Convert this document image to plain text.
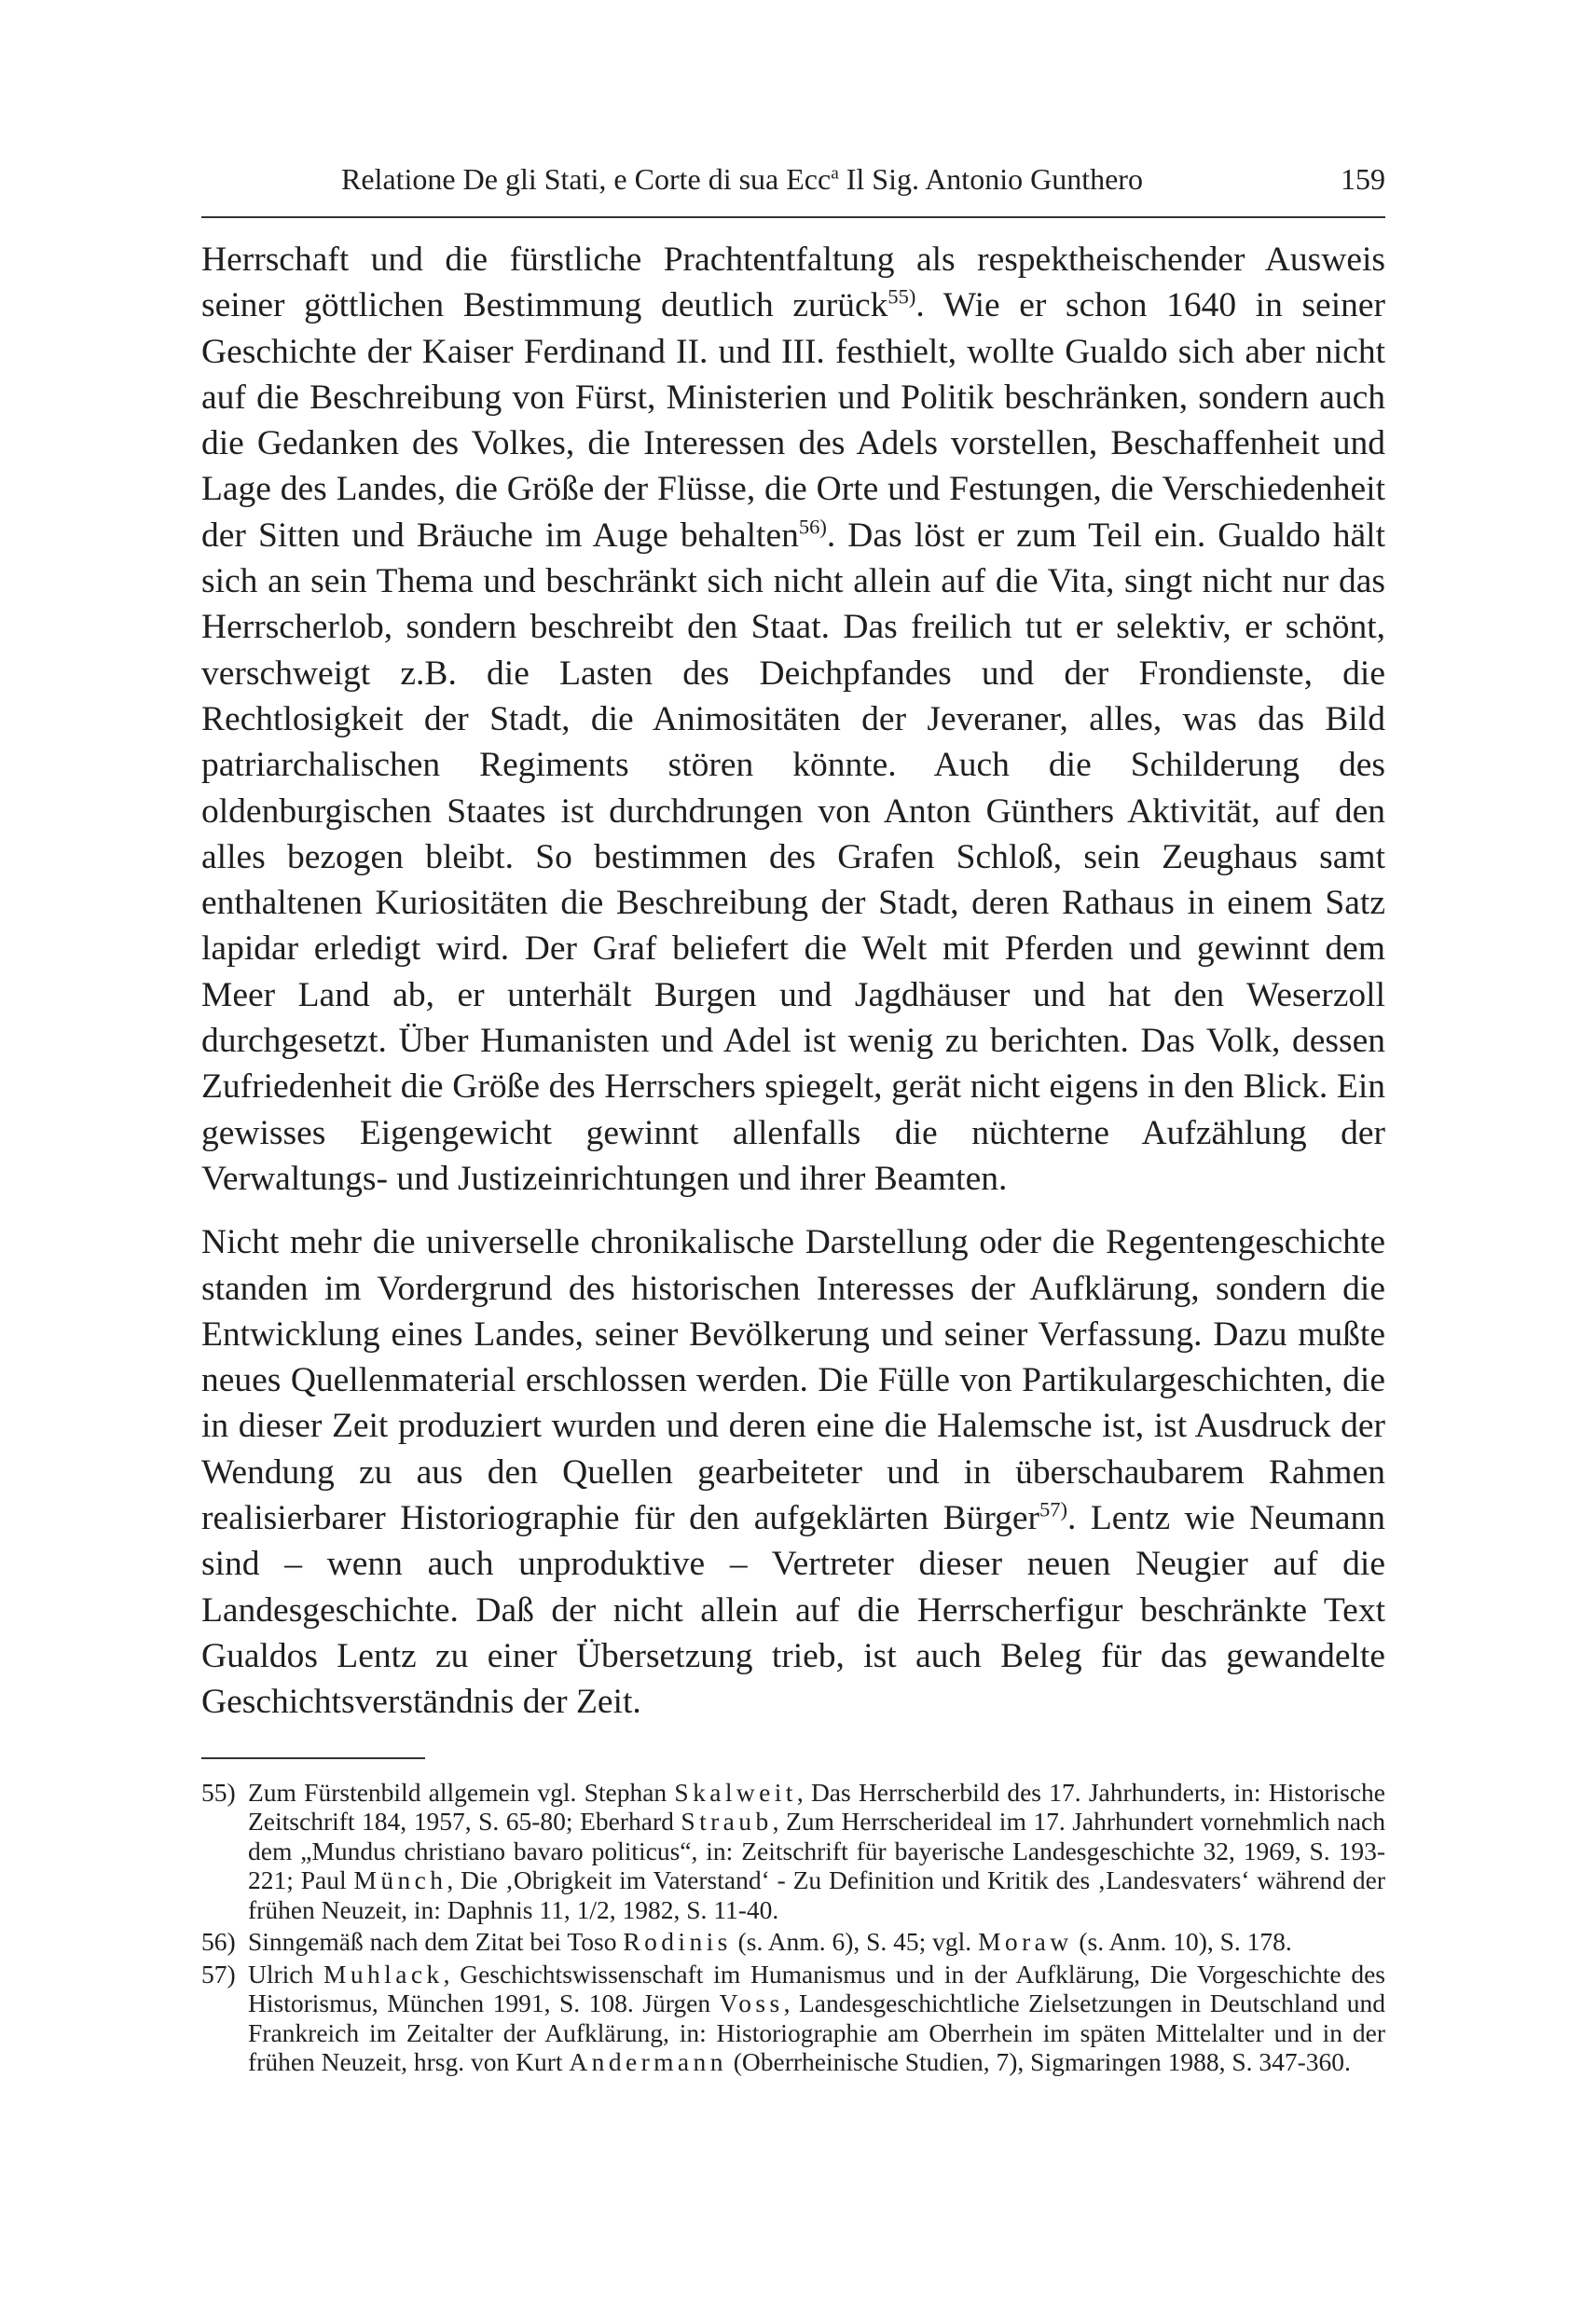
Relatione De gli Stati, e Corte di sua Ecc$^a$ Il Sig. Antonio Gunthero	159

Herrschaft und die fürstliche Prachtentfaltung als respektheischender Ausweis seiner göttlichen Bestimmung deutlich zurück$^{55)}$. Wie er schon 1640 in seiner Geschichte der Kaiser Ferdinand II. und III. festhielt, wollte Gualdo sich aber nicht auf die Beschreibung von Fürst, Ministerien und Politik beschränken, sondern auch die Gedanken des Volkes, die Interessen des Adels vorstellen, Beschaffenheit und Lage des Landes, die Größe der Flüsse, die Orte und Festungen, die Verschiedenheit der Sitten und Bräuche im Auge behalten$^{56)}$. Das löst er zum Teil ein. Gualdo hält sich an sein Thema und beschränkt sich nicht allein auf die Vita, singt nicht nur das Herrscherlob, sondern beschreibt den Staat. Das freilich tut er selektiv, er schönt, verschweigt z.B. die Lasten des Deichpfandes und der Frondienste, die Rechtlosigkeit der Stadt, die Animositäten der Jeveraner, alles, was das Bild patriarchalischen Regiments stören könnte. Auch die Schilderung des oldenburgischen Staates ist durchdrungen von Anton Günthers Aktivität, auf den alles bezogen bleibt. So bestimmen des Grafen Schloß, sein Zeughaus samt enthaltenen Kuriositäten die Beschreibung der Stadt, deren Rathaus in einem Satz lapidar erledigt wird. Der Graf beliefert die Welt mit Pferden und gewinnt dem Meer Land ab, er unterhält Burgen und Jagdhäuser und hat den Weserzoll durchgesetzt. Über Humanisten und Adel ist wenig zu berichten. Das Volk, dessen Zufriedenheit die Größe des Herrschers spiegelt, gerät nicht eigens in den Blick. Ein gewisses Eigengewicht gewinnt allenfalls die nüchterne Aufzählung der Verwaltungs- und Justizeinrichtungen und ihrer Beamten.

Nicht mehr die universelle chronikalische Darstellung oder die Regentengeschichte standen im Vordergrund des historischen Interesses der Aufklärung, sondern die Entwicklung eines Landes, seiner Bevölkerung und seiner Verfassung. Dazu mußte neues Quellenmaterial erschlossen werden. Die Fülle von Partikulargeschichten, die in dieser Zeit produziert wurden und deren eine die Halemsche ist, ist Ausdruck der Wendung zu aus den Quellen gearbeiteter und in überschaubarem Rahmen realisierbarer Historiographie für den aufgeklärten Bürger$^{57)}$. Lentz wie Neumann sind – wenn auch unproduktive – Vertreter dieser neuen Neugier auf die Landesgeschichte. Daß der nicht allein auf die Herrscherfigur beschränkte Text Gualdos Lentz zu einer Übersetzung trieb, ist auch Beleg für das gewandelte Geschichtsverständnis der Zeit.

55) Zum Fürstenbild allgemein vgl. Stephan Skalweit, Das Herrscherbild des 17. Jahrhunderts, in: Historische Zeitschrift 184, 1957, S. 65-80; Eberhard Straub, Zum Herrscherideal im 17. Jahrhundert vornehmlich nach dem „Mundus christiano bavaro politicus“, in: Zeitschrift für bayerische Landesgeschichte 32, 1969, S. 193-221; Paul Münch, Die ‚Obrigkeit im Vaterstand‘ - Zu Definition und Kritik des ‚Landesvaters‘ während der frühen Neuzeit, in: Daphnis 11, 1/2, 1982, S. 11-40.
56) Sinngemäß nach dem Zitat bei Toso Rodinis (s. Anm. 6), S. 45; vgl. Moraw (s. Anm. 10), S. 178.
57) Ulrich Muhlack, Geschichtswissenschaft im Humanismus und in der Aufklärung, Die Vorgeschichte des Historismus, München 1991, S. 108. Jürgen Voss, Landesgeschichtliche Zielsetzungen in Deutschland und Frankreich im Zeitalter der Aufklärung, in: Historiographie am Oberrhein im späten Mittelalter und in der frühen Neuzeit, hrsg. von Kurt Andermann (Oberrheinische Studien, 7), Sigmaringen 1988, S. 347-360.
